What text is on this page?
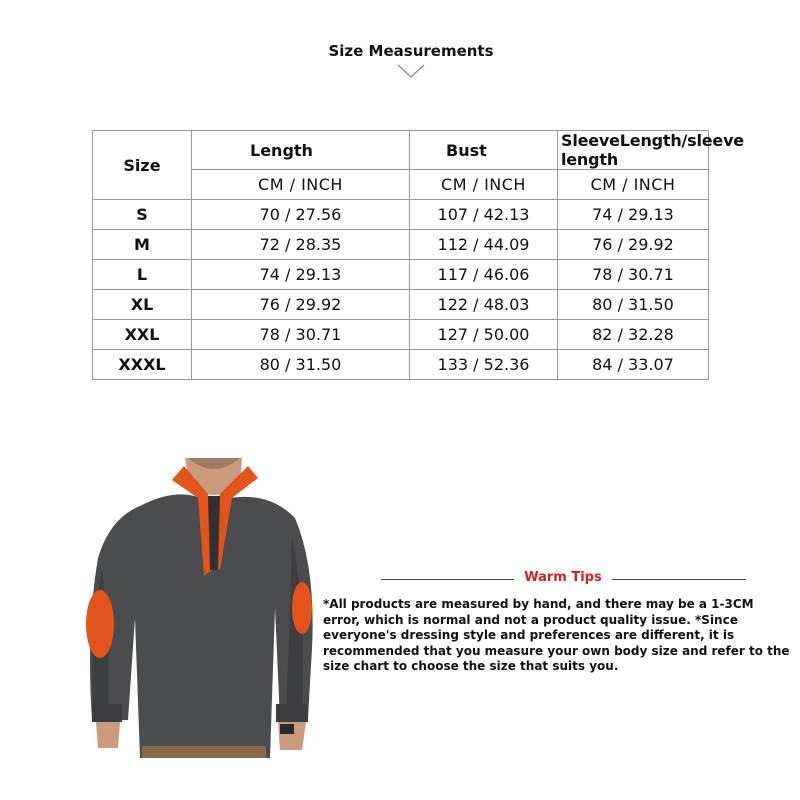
Size Measurements
Size	Length	Bust	SleeveLength/sleeve length
	CM / INCH	CM / INCH	CM / INCH
S	70 / 27.56	107 / 42.13	74 / 29.13
M	72 / 28.35	112 / 44.09	76 / 29.92
L	74 / 29.13	117 / 46.06	78 / 30.71
XL	76 / 29.92	122 / 48.03	80 / 31.50
XXL	78 / 30.71	127 / 50.00	82 / 32.28
XXXL	80 / 31.50	133 / 52.36	84 / 33.07
Warm Tips
*All products are measured by hand, and there may be a 1-3CM error, which is normal and not a product quality issue. *Since everyone's dressing style and preferences are different, it is recommended that you measure your own body size and refer to the size chart to choose the size that suits you.
